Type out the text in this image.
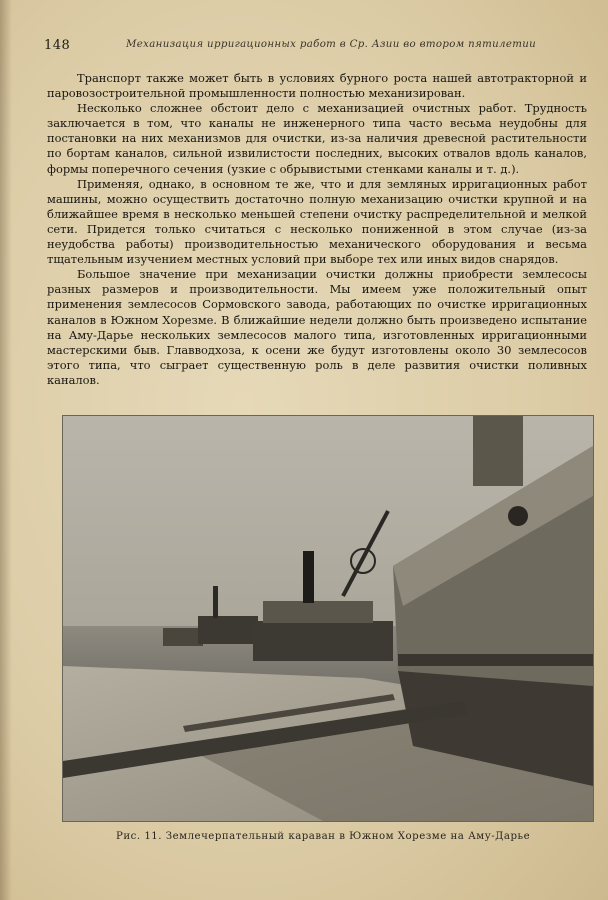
148	Механизация ирригационных работ в Ср. Азии во втором пятилетии

Транспорт также может быть в условиях бурного роста нашей автотракторной и паровозостроительной промышленности полностью механизирован.

Несколько сложнее обстоит дело с механизацией очистных работ. Трудность заключается в том, что каналы не инженерного типа часто весьма неудобны для постановки на них механизмов для очистки, из-за наличия древесной растительности по бортам каналов, сильной извилистости последних, высоких отвалов вдоль каналов, формы поперечного сечения (узкие с обрывистыми стенками каналы и т. д.).

Применяя, однако, в основном те же, что и для земляных ирригационных работ машины, можно осуществить достаточно полную механизацию очистки крупной и на ближайшее время в несколько меньшей степени очистку распределительной и мелкой сети. Придется только считаться с несколько пониженной в этом случае (из-за неудобства работы) производительностью механического оборудования и весьма тщательным изучением местных условий при выборе тех или иных видов снарядов.

Большое значение при механизации очистки должны приобрести землесосы разных размеров и производительности. Мы имеем уже положительный опыт применения землесосов Сормовского завода, работающих по очистке ирригационных каналов в Южном Хорезме. В ближайшие недели должно быть произведено испытание на Аму-Дарье нескольких землесосов малого типа, изготовленных ирригационными мастерскими быв. Главводхоза, к осени же будут изготовлены около 30 землесосов этого типа, что сыграет существенную роль в деле развития очистки поливных каналов.

Рис. 11. Землечерпательный караван в Южном Хорезме на Аму-Дарье
